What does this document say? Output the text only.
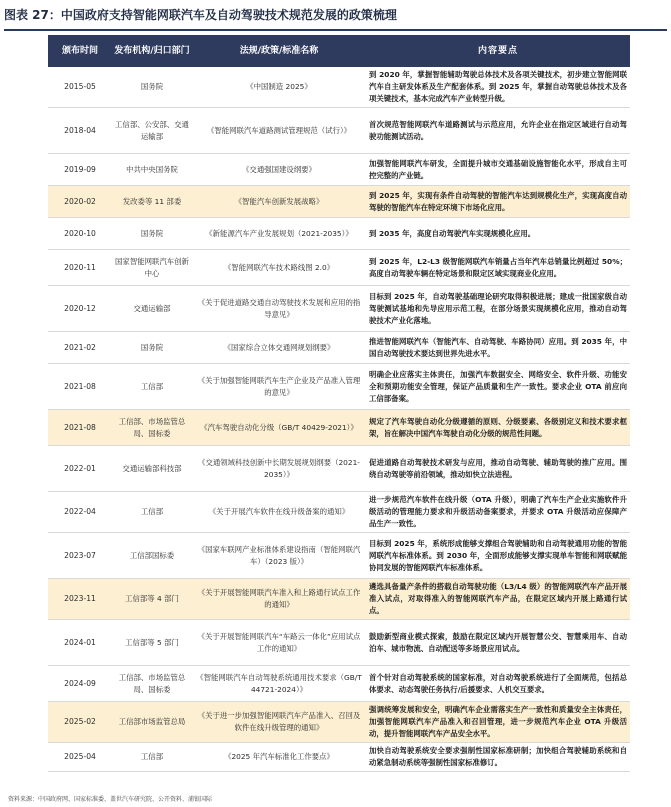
图表 27：中国政府支持智能网联汽车及自动驾驶技术规范发展的政策梳理
颁布时间	发布机构/归口部门	法规/政策/标准名称	内容要点
2015-05	国务院	《中国制造 2025》	到 2020 年，掌握智能辅助驾驶总体技术及各项关键技术，初步建立智能网联汽车自主研发体系及生产配套体系。到 2025 年，掌握自动驾驶总体技术及各项关键技术，基本完成汽车产业转型升级。
2018-04	工信部、公安部、交通运输部	《智能网联汽车道路测试管理规范（试行）》	首次规范智能网联汽车道路测试与示范应用，允许企业在指定区域进行自动驾驶功能测试活动。
2019-09	中共中央国务院	《交通强国建设纲要》	加强智能网联汽车研发，全面提升城市交通基础设施智能化水平，形成自主可控完整的产业链。
2020-02	发改委等 11 部委	《智能汽车创新发展战略》	到 2025 年，实现有条件自动驾驶的智能汽车达到规模化生产，实现高度自动驾驶的智能汽车在特定环境下市场化应用。
2020-10	国务院	《新能源汽车产业发展规划（2021-2035）》	到 2035 年，高度自动驾驶汽车实现规模化应用。
2020-11	国家智能网联汽车创新中心	《智能网联汽车技术路线图 2.0》	到 2025 年，L2-L3 级智能网联汽车销量占当年汽车总销量比例超过 50%；高度自动驾驶车辆在特定场景和限定区域实现商业化应用。
2020-12	交通运输部	《关于促进道路交通自动驾驶技术发展和应用的指导意见》	目标到 2025 年，自动驾驶基础理论研究取得积极进展；建成一批国家级自动驾驶测试基地和先导应用示范工程，在部分场景实现规模化应用，推动自动驾驶技术产业化落地。
2021-02	国务院	《国家综合立体交通网规划纲要》	推进智能网联汽车（智能汽车、自动驾驶、车路协同）应用。到 2035 年，中国自动驾驶技术要达到世界先进水平。
2021-08	工信部	《关于加强智能网联汽车生产企业及产品准入管理的意见》	明确企业应落实主体责任，加强汽车数据安全、网络安全、软件升级、功能安全和预期功能安全管理，保证产品质量和生产一致性。要求企业 OTA 前应向工信部备案。
2021-08	工信部、市场监管总局、国标委	《汽车驾驶自动化分级（GB/T 40429-2021）》	规定了汽车驾驶自动化分级遵循的原则、分级要素、各级别定义和技术要求框架，旨在解决中国汽车驾驶自动化分级的规范性问题。
2022-01	交通运输部科技部	《交通领域科技创新中长期发展规划纲要（2021-2035）》	促进道路自动驾驶技术研发与应用，推动自动驾驶、辅助驾驶的推广应用。围绕自动驾驶等前沿领域，推动如快立法进程。
2022-04	工信部	《关于开展汽车软件在线升级备案的通知》	进一步规范汽车软件在线升级（OTA 升级），明确了汽车生产企业实施软件升级活动的管理能力要求和升级活动备案要求，并要求 OTA 升级活动应保障产品生产一致性。
2023-07	工信部国标委	《国家车联网产业标准体系建设指南（智能网联汽车）（2023 版）》	目标到 2025 年，系统形成能够支撑组合驾驶辅助和自动驾驶通用功能的智能网联汽车标准体系。到 2030 年，全面形成能够支撑实现单车智能和网联赋能协同发展的智能网联汽车标准体系。
2023-11	工信部等 4 部门	《关于开展智能网联汽车准入和上路通行试点工作的通知》	遴选具备量产条件的搭载自动驾驶功能（L3/L4 级）的智能网联汽车产品开展准入试点，对取得准入的智能网联汽车产品，在限定区域内开展上路通行试点。
2024-01	工信部等 5 部门	《关于开展智能网联汽车“车路云一体化”应用试点工作的通知》	鼓励新型商业模式探索，鼓励在限定区域内开展智慧公交、智慧乘用车、自动泊车、城市物流、自动配送等多场景应用试点。
2024-09	工信部、市场监管总局、国标委	《智能网联汽车自动驾驶系统通用技术要求（GB/T 44721-2024）》	首个针对自动驾驶系统的国家标准，对自动驾驶系统进行了全面规范，包括总体要求、动态驾驶任务执行/后援要求、人机交互要求。
2025-02	工信部市场监管总局	《关于进一步加强智能网联汽车产品准入、召回及软件在线升级管理的通知》	强调统筹发展和安全，明确汽车企业需落实生产一致性和质量安全主体责任，加强智能网联汽车产品准入和召回管理，进一步规范汽车企业 OTA 升级活动，提升智能网联汽车产品安全水平。
2025-04	工信部	《2025 年汽车标准化工作要点》	加快自动驾驶系统安全要求强制性国家标准研制；加快组合驾驶辅助系统和自动紧急制动系统等强制性国家标准修订。
资料来源：中国政府网、国家标准委、盖世汽车研究院、公开资料、浦银国际
